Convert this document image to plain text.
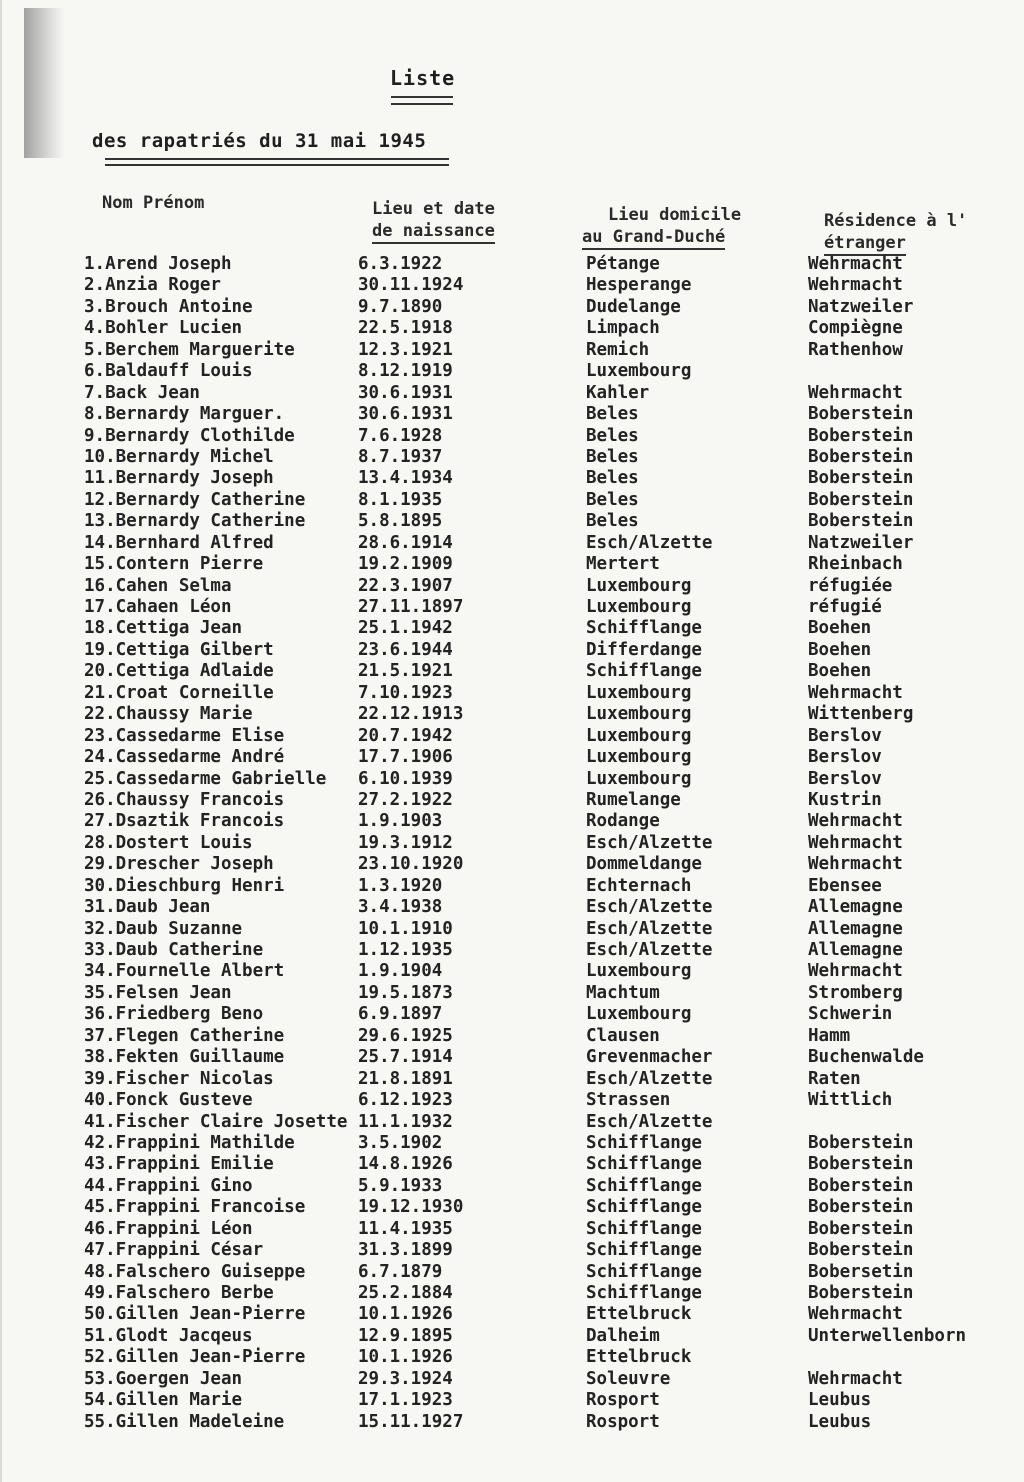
Liste
des rapatriés du 31 mai 1945
Nom Prénom	Lieu et date
de naissance
Lieu domicile
au Grand-Duché
Résidence à l'
étranger
1.Arend Joseph	6.3.1922	Pétange	Wehrmacht
2.Anzia Roger	30.11.1924	Hesperange	Wehrmacht
3.Brouch Antoine	9.7.1890	Dudelange	Natzweiler
4.Bohler Lucien	22.5.1918	Limpach	Compiègne
5.Berchem Marguerite	12.3.1921	Remich	Rathenhow
6.Baldauff Louis	8.12.1919	Luxembourg
7.Back Jean	30.6.1931	Kahler	Wehrmacht
8.Bernardy Marguer.	30.6.1931	Beles	Boberstein
9.Bernardy Clothilde	7.6.1928	Beles	Boberstein
10.Bernardy Michel	8.7.1937	Beles	Boberstein
11.Bernardy Joseph	13.4.1934	Beles	Boberstein
12.Bernardy Catherine	8.1.1935	Beles	Boberstein
13.Bernardy Catherine	5.8.1895	Beles	Boberstein
14.Bernhard Alfred	28.6.1914	Esch/Alzette	Natzweiler
15.Contern Pierre	19.2.1909	Mertert	Rheinbach
16.Cahen Selma	22.3.1907	Luxembourg	réfugiée
17.Cahaen Léon	27.11.1897	Luxembourg	réfugié
18.Cettiga Jean	25.1.1942	Schifflange	Boehen
19.Cettiga Gilbert	23.6.1944	Differdange	Boehen
20.Cettiga Adlaide	21.5.1921	Schifflange	Boehen
21.Croat Corneille	7.10.1923	Luxembourg	Wehrmacht
22.Chaussy Marie	22.12.1913	Luxembourg	Wittenberg
23.Cassedarme Elise	20.7.1942	Luxembourg	Berslov
24.Cassedarme André	17.7.1906	Luxembourg	Berslov
25.Cassedarme Gabrielle 6.10.1939	Luxembourg	Berslov
26.Chaussy Francois	27.2.1922	Rumelange	Kustrin
27.Dsaztik Francois	1.9.1903	Rodange	Wehrmacht
28.Dostert Louis	19.3.1912	Esch/Alzette	Wehrmacht
29.Drescher Joseph	23.10.1920	Dommeldange	Wehrmacht
30.Dieschburg Henri	1.3.1920	Echternach	Ebensee
31.Daub Jean	3.4.1938	Esch/Alzette	Allemagne
32.Daub Suzanne	10.1.1910	Esch/Alzette	Allemagne
33.Daub Catherine	1.12.1935	Esch/Alzette	Allemagne
34.Fournelle Albert	1.9.1904	Luxembourg	Wehrmacht
35.Felsen Jean	19.5.1873	Machtum	Stromberg
36.Friedberg Beno	6.9.1897	Luxembourg	Schwerin
37.Flegen Catherine	29.6.1925	Clausen	Hamm
38.Fekten Guillaume	25.7.1914	Grevenmacher	Buchenwalde
39.Fischer Nicolas	21.8.1891	Esch/Alzette	Raten
40.Fonck Gusteve	6.12.1923	Strassen	Wittlich
41.Fischer Claire Josette 11.1.1932	Esch/Alzette
42.Frappini Mathilde	3.5.1902	Schifflange	Boberstein
43.Frappini Emilie	14.8.1926	Schifflange	Boberstein
44.Frappini Gino	5.9.1933	Schifflange	Boberstein
45.Frappini Francoise	19.12.1930	Schifflange	Boberstein
46.Frappini Léon	11.4.1935	Schifflange	Boberstein
47.Frappini César	31.3.1899	Schifflange	Boberstein
48.Falschero Guiseppe	6.7.1879	Schifflange	Bobersetin
49.Falschero Berbe	25.2.1884	Schifflange	Boberstein
50.Gillen Jean-Pierre	10.1.1926	Ettelbruck	Wehrmacht
51.Glodt Jacqeus	12.9.1895	Dalheim	Unterwellenborn
52.Gillen Jean-Pierre	10.1.1926	Ettelbruck
53.Goergen Jean	29.3.1924	Soleuvre	Wehrmacht
54.Gillen Marie	17.1.1923	Rosport	Leubus
55.Gillen Madeleine	15.11.1927	Rosport	Leubus
